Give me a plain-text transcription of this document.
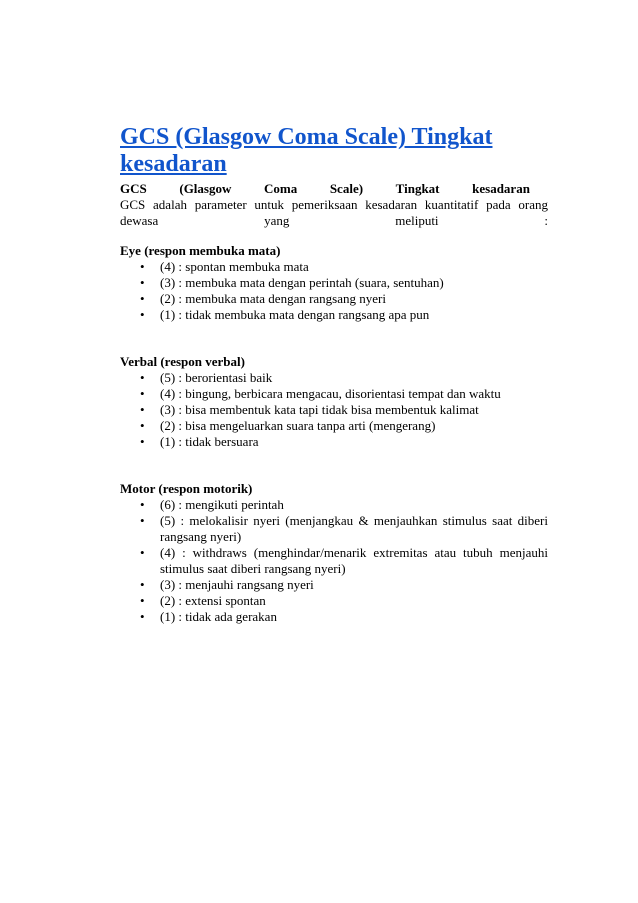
GCS (Glasgow Coma Scale) Tingkat kesadaran
GCS	(Glasgow	Coma	Scale)	Tingkat	kesadaran

GCS adalah parameter untuk pemeriksaan kesadaran kuantitatif pada orang

dewasa yang meliputi :

Eye (respon membuka mata)

• (4) : spontan membuka mata
• (3) : membuka mata dengan perintah (suara, sentuhan)
• (2) : membuka mata dengan rangsang nyeri
• (1) : tidak membuka mata dengan rangsang apa pun

Verbal (respon verbal)

• (5) : berorientasi baik
• (4) : bingung, berbicara mengacau, disorientasi tempat dan waktu
• (3) : bisa membentuk kata tapi tidak bisa membentuk kalimat
• (2) : bisa mengeluarkan suara tanpa arti (mengerang)
• (1) : tidak bersuara

Motor (respon motorik)

• (6) : mengikuti perintah
• (5) : melokalisir nyeri (menjangkau & menjauhkan stimulus saat diberi rangsang nyeri)
• (4) : withdraws (menghindar/menarik extremitas atau tubuh menjauhi stimulus saat diberi rangsang nyeri)
• (3) : menjauhi rangsang nyeri
• (2) : extensi spontan
• (1) : tidak ada gerakan
